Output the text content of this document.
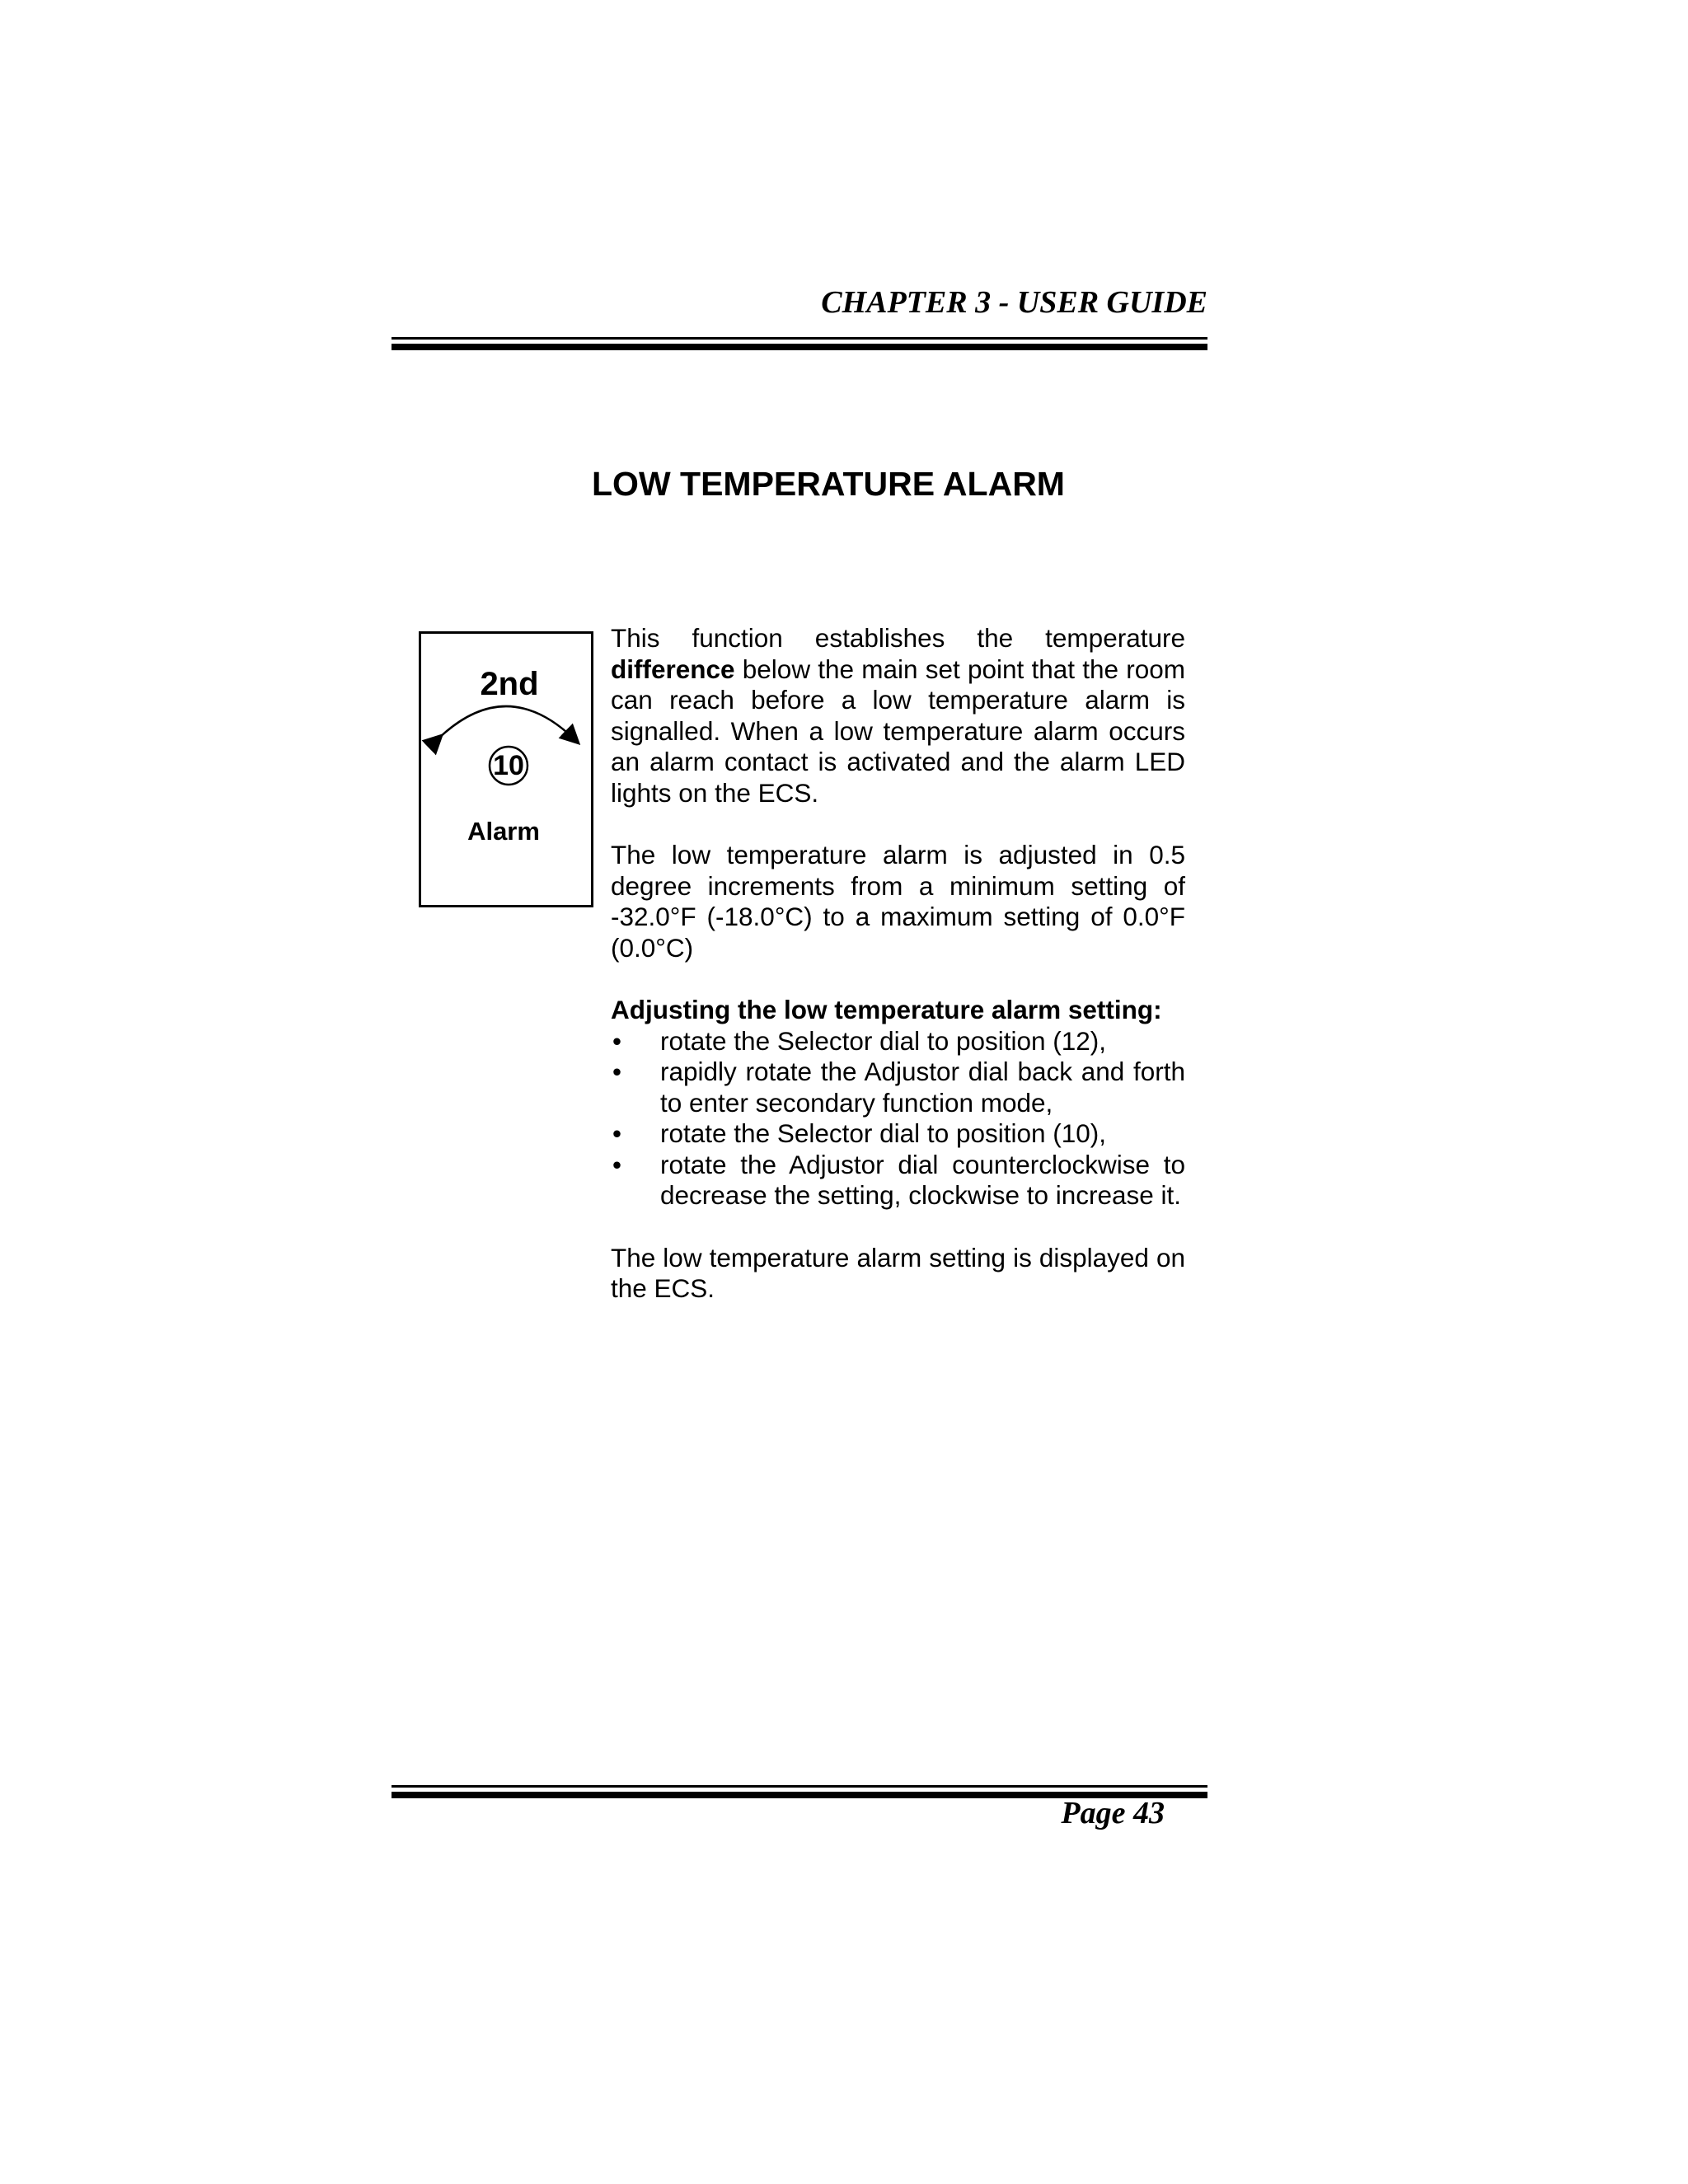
CHAPTER 3 - USER GUIDE
LOW TEMPERATURE ALARM
2nd
10
Alarm

This function establishes the temperature difference below the main set point that the room can reach before a low temperature alarm is signalled. When a low temperature alarm occurs an alarm contact is activated and the alarm LED lights on the ECS.

The low temperature alarm is adjusted in 0.5 degree increments from a minimum setting of -32.0°F (-18.0°C) to a maximum setting of 0.0°F (0.0°C)

Adjusting the low temperature alarm setting:

• rotate the Selector dial to position (12),
• rapidly rotate the Adjustor dial back and forth to enter secondary function mode,
• rotate the Selector dial to position (10),
• rotate the Adjustor dial counterclockwise to decrease the setting, clockwise to increase it.

The low temperature alarm setting is displayed on the ECS.

Page 43
